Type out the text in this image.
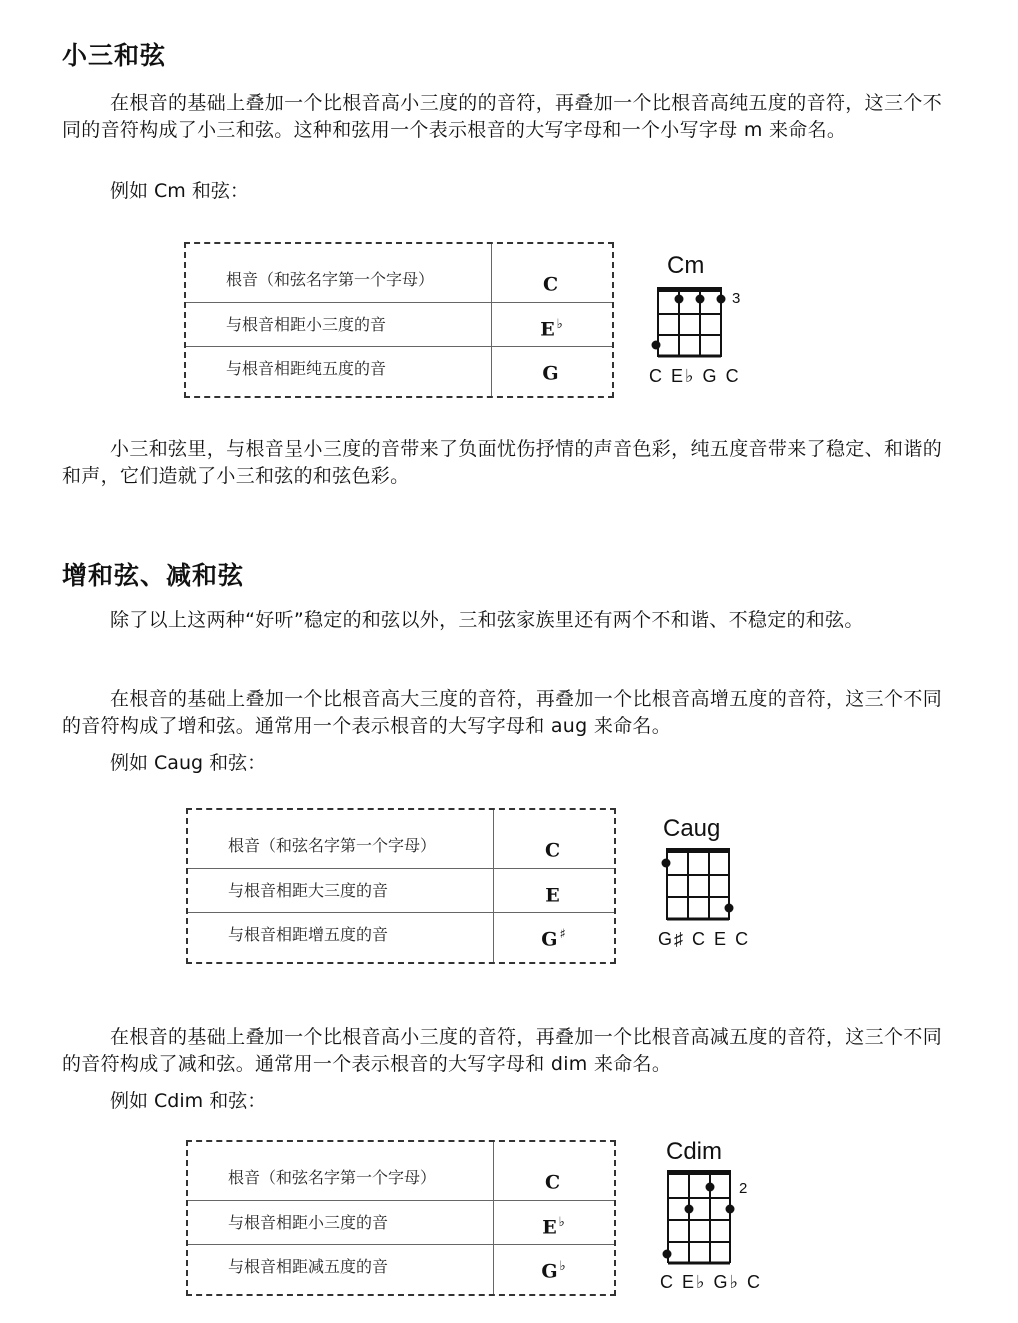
小三和弦

在根音的基础上叠加一个比根音高小三度的的音符，再叠加一个比根音高纯五度的音符，这三个不同的音符构成了小三和弦。这种和弦用一个表示根音的大写字母和一个小写字母 m 来命名。

例如 Cm 和弦：

根音（和弦名字第一个字母）	C
与根音相距小三度的音	E ♭
与根音相距纯五度的音	G
Cm
3
C E♭ G C

小三和弦里，与根音呈小三度的音带来了负面忧伤抒情的声音色彩，纯五度音带来了稳定、和谐的和声，它们造就了小三和弦的和弦色彩。

增和弦、减和弦

除了以上这两种“好听”稳定的和弦以外，三和弦家族里还有两个不和谐、不稳定的和弦。

在根音的基础上叠加一个比根音高大三度的音符，再叠加一个比根音高增五度的音符，这三个不同的音符构成了增和弦。通常用一个表示根音的大写字母和 aug 来命名。

例如 Caug 和弦：

根音（和弦名字第一个字母）	C
与根音相距大三度的音	E
与根音相距增五度的音	G ♯
Caug
G♯ C E C

在根音的基础上叠加一个比根音高小三度的音符，再叠加一个比根音高减五度的音符，这三个不同的音符构成了减和弦。通常用一个表示根音的大写字母和 dim 来命名。

例如 Cdim 和弦：

根音（和弦名字第一个字母）	C
与根音相距小三度的音	E ♭
与根音相距减五度的音	G ♭
Cdim
2
C E♭ G♭ C
